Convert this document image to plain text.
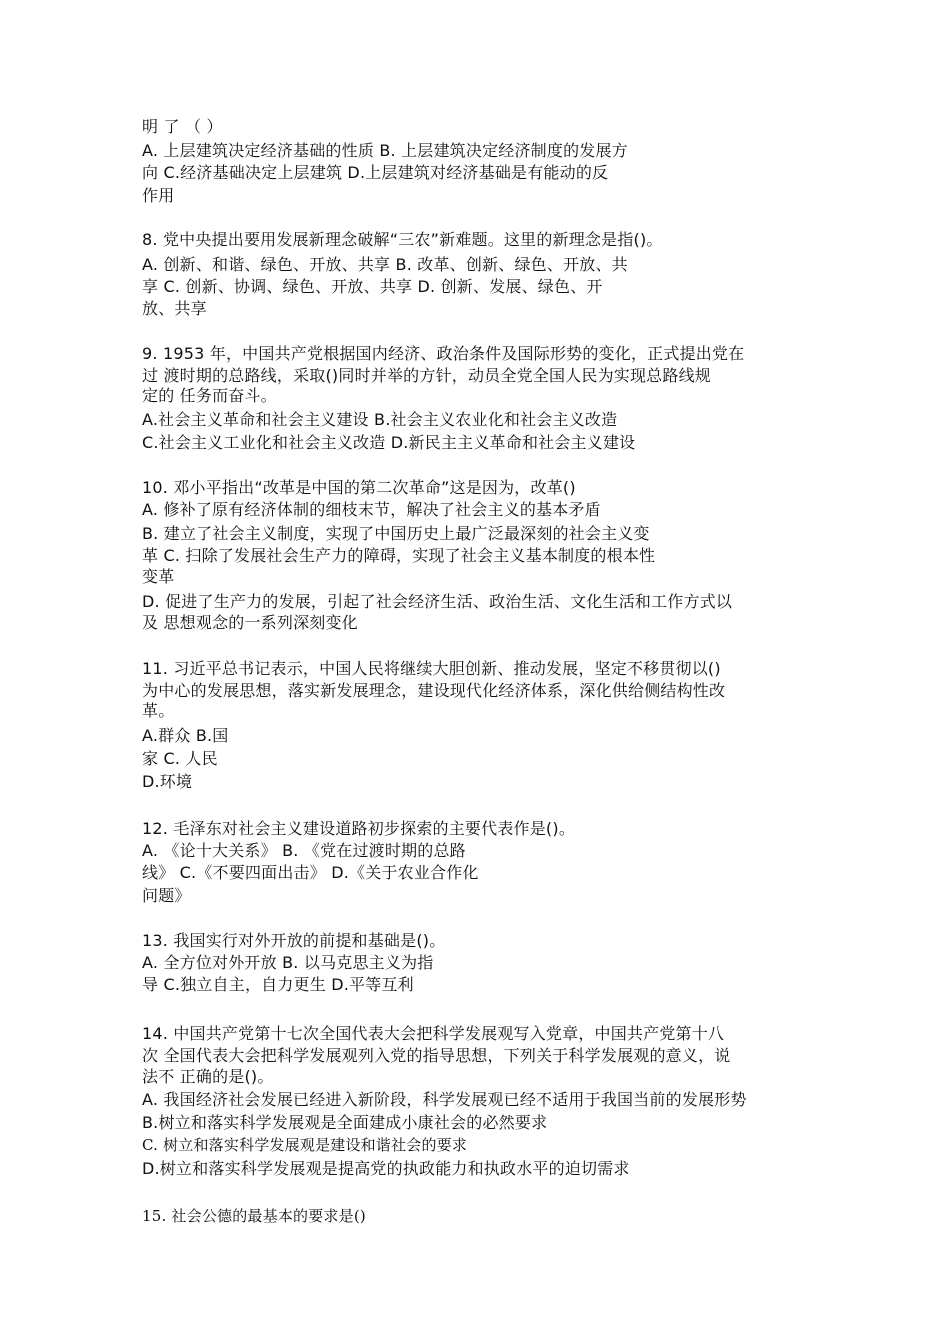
明 了 （ ）
A. 上层建筑决定经济基础的性质 B. 上层建筑决定经济制度的发展方
向 C.经济基础决定上层建筑 D.上层建筑对经济基础是有能动的反
作用
8. 党中央提出要用发展新理念破解“三农”新难题。这里的新理念是指()。
A. 创新、和谐、绿色、开放、共享 B. 改革、创新、绿色、开放、共
享 C. 创新、协调、绿色、开放、共享 D. 创新、发展、绿色、开
放、共享
9. 1953 年，中国共产党根据国内经济、政治条件及国际形势的变化，正式提出党在
过 渡时期的总路线，采取()同时并举的方针，动员全党全国人民为实现总路线规
定的 任务而奋斗。
A.社会主义革命和社会主义建设 B.社会主义农业化和社会主义改造
C.社会主义工业化和社会主义改造 D.新民主主义革命和社会主义建设
10. 邓小平指出“改革是中国的第二次革命”这是因为，改革()
A. 修补了原有经济体制的细枝末节，解决了社会主义的基本矛盾
B. 建立了社会主义制度，实现了中国历史上最广泛最深刻的社会主义变
革 C. 扫除了发展社会生产力的障碍，实现了社会主义基本制度的根本性
变革
D. 促进了生产力的发展，引起了社会经济生活、政治生活、文化生活和工作方式以
及 思想观念的一系列深刻变化
11. 习近平总书记表示，中国人民将继续大胆创新、推动发展，坚定不移贯彻以()
为中心的发展思想，落实新发展理念，建设现代化经济体系，深化供给侧结构性改
革。
A.群众 B.国
家 C. 人民
D.环境
12. 毛泽东对社会主义建设道路初步探索的主要代表作是()。
A. 《论十大关系》 B. 《党在过渡时期的总路
线》 C.《不要四面出击》 D.《关于农业合作化
问题》
13. 我国实行对外开放的前提和基础是()。
A. 全方位对外开放 B. 以马克思主义为指
导 C.独立自主，自力更生 D.平等互利
14. 中国共产党第十七次全国代表大会把科学发展观写入党章，中国共产党第十八
次 全国代表大会把科学发展观列入党的指导思想，下列关于科学发展观的意义，说
法不 正确的是()。
A. 我国经济社会发展已经进入新阶段，科学发展观已经不适用于我国当前的发展形势
B.树立和落实科学发展观是全面建成小康社会的必然要求
C. 树立和落实科学发展观是建设和谐社会的要求
D.树立和落实科学发展观是提高党的执政能力和执政水平的迫切需求
15. 社会公德的最基本的要求是()
